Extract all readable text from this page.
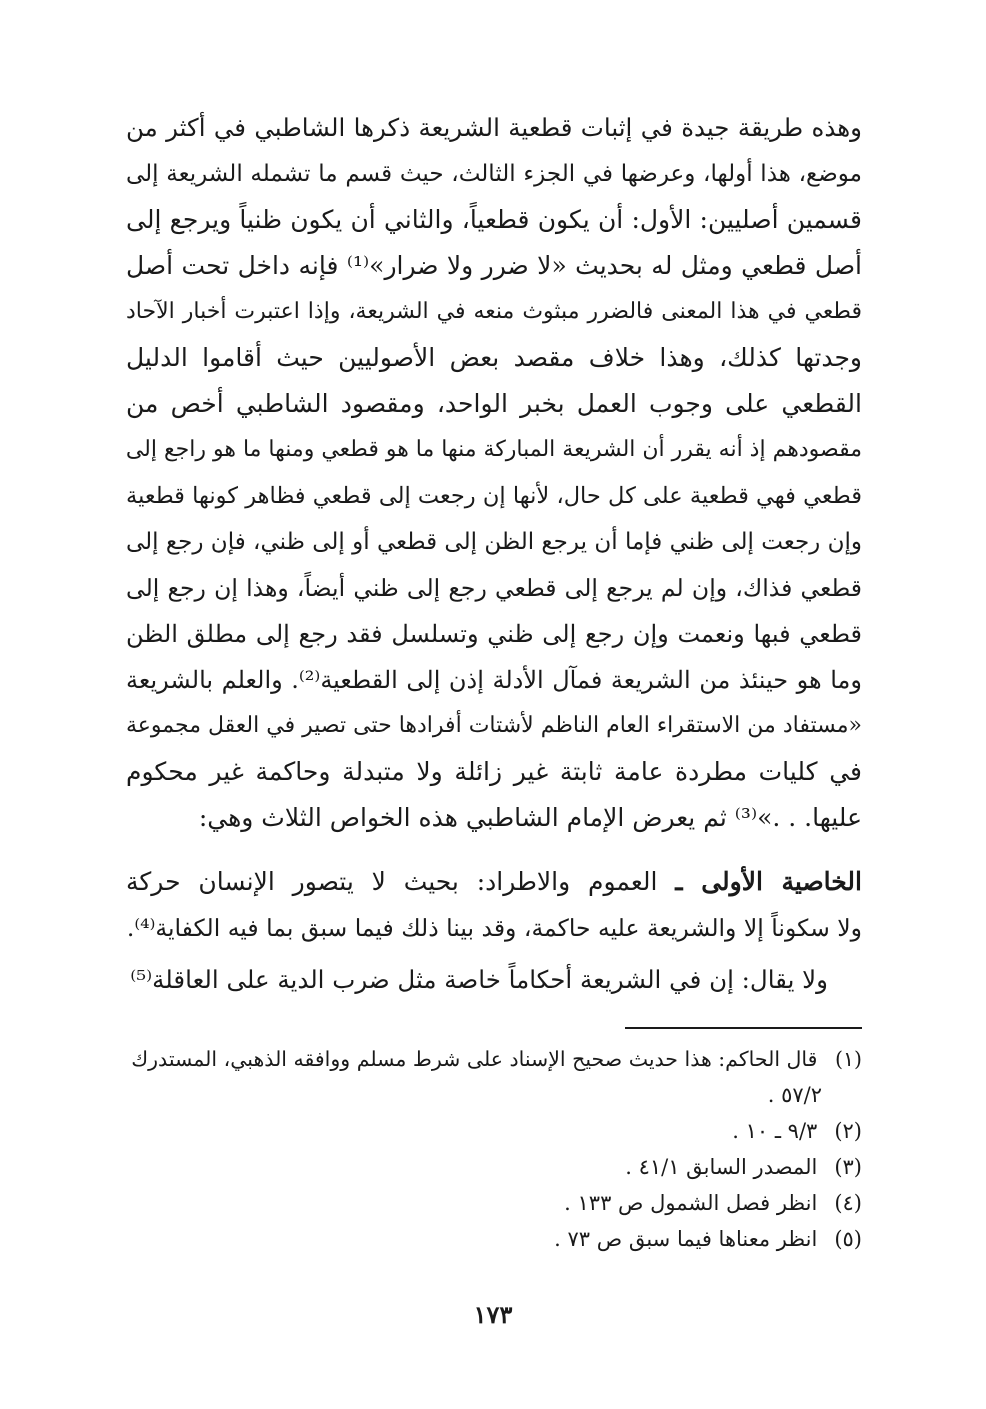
وهذه طريقة جيدة في إثبات قطعية الشريعة ذكرها الشاطبي في أكثر من
موضع، هذا أولها، وعرضها في الجزء الثالث، حيث قسم ما تشمله الشريعة إلى
قسمين أصليين: الأول: أن يكون قطعياً، والثاني أن يكون ظنياً ويرجع إلى
أصل قطعي ومثل له بحديث «لا ضرر ولا ضرار»⁽¹⁾ فإنه داخل تحت أصل
قطعي في هذا المعنى فالضرر مبثوث منعه في الشريعة، وإذا اعتبرت أخبار الآحاد
وجدتها كذلك، وهذا خلاف مقصد بعض الأصوليين حيث أقاموا الدليل
القطعي على وجوب العمل بخبر الواحد، ومقصود الشاطبي أخص من
مقصودهم إذ أنه يقرر أن الشريعة المباركة منها ما هو قطعي ومنها ما هو راجع إلى
قطعي فهي قطعية على كل حال، لأنها إن رجعت إلى قطعي فظاهر كونها قطعية
وإن رجعت إلى ظني فإما أن يرجع الظن إلى قطعي أو إلى ظني، فإن رجع إلى
قطعي فذاك، وإن لم يرجع إلى قطعي رجع إلى ظني أيضاً، وهذا إن رجع إلى
قطعي فبها ونعمت وإن رجع إلى ظني وتسلسل فقد رجع إلى مطلق الظن
وما هو حينئذ من الشريعة فمآل الأدلة إذن إلى القطعية⁽²⁾. والعلم بالشريعة
«مستفاد من الاستقراء العام الناظم لأشتات أفرادها حتى تصير في العقل مجموعة
في كليات مطردة عامة ثابتة غير زائلة ولا متبدلة وحاكمة غير محكوم
عليها. . .»⁽³⁾ ثم يعرض الإمام الشاطبي هذه الخواص الثلاث وهي:
الخاصية الأولى ـ العموم والاطراد: بحيث لا يتصور الإنسان حركة
ولا سكوناً إلا والشريعة عليه حاكمة، وقد بينا ذلك فيما سبق بما فيه الكفاية⁽⁴⁾.
ولا يقال: إن في الشريعة أحكاماً خاصة مثل ضرب الدية على العاقلة⁽⁵⁾
(١) قال الحاكم: هذا حديث صحيح الإسناد على شرط مسلم ووافقه الذهبي، المستدرك
٥٧/٢ .
(٢) ٩/٣ ـ ١٠ .
(٣) المصدر السابق ٤١/١ .
(٤) انظر فصل الشمول ص ١٣٣ .
(٥) انظر معناها فيما سبق ص ٧٣ .
١٧٣
